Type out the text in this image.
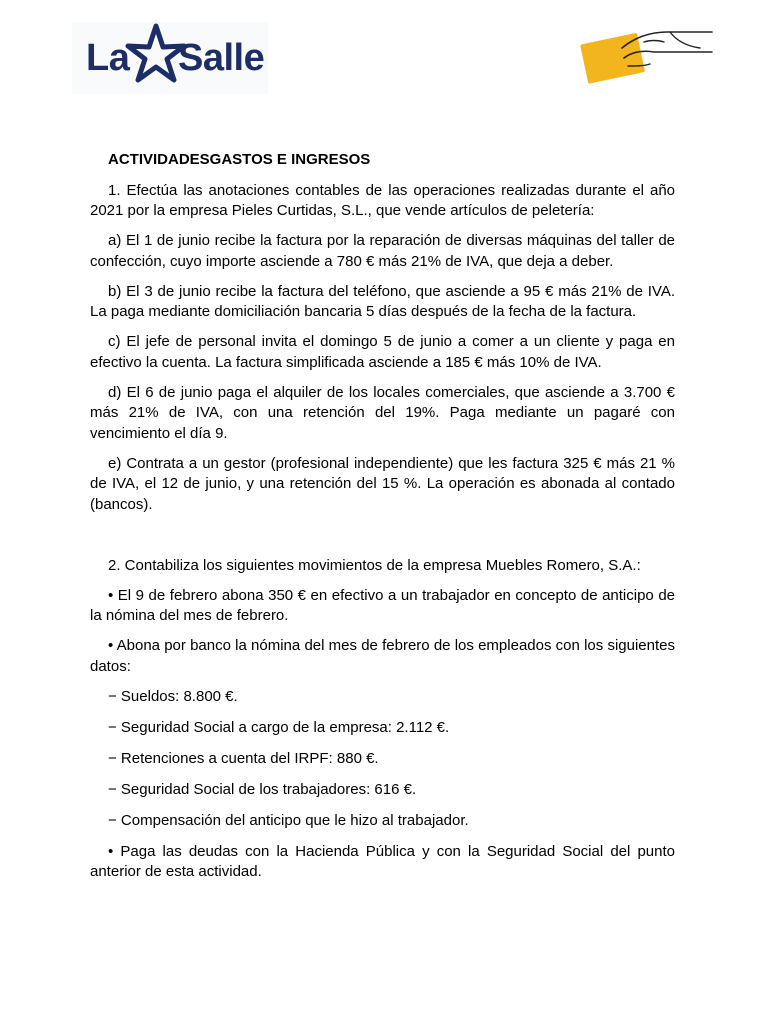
La Salle

ACTIVIDADESGASTOS E INGRESOS

1. Efectúa las anotaciones contables de las operaciones realizadas durante el año 2021 por la empresa Pieles Curtidas, S.L., que vende artículos de peletería:

a) El 1 de junio recibe la factura por la reparación de diversas máquinas del taller de confección, cuyo importe asciende a 780 € más 21% de IVA, que deja a deber.

b) El 3 de junio recibe la factura del teléfono, que asciende a 95 € más 21% de IVA. La paga mediante domiciliación bancaria 5 días después de la fecha de la factura.

c) El jefe de personal invita el domingo 5 de junio a comer a un cliente y paga en efectivo la cuenta. La factura simplificada asciende a 185 € más 10% de IVA.

d) El 6 de junio paga el alquiler de los locales comerciales, que asciende a 3.700 € más 21% de IVA, con una retención del 19%. Paga mediante un pagaré con vencimiento el día 9.

e) Contrata a un gestor (profesional independiente) que les factura 325 € más 21 % de IVA, el 12 de junio, y una retención del 15 %. La operación es abonada al contado (bancos).

2. Contabiliza los siguientes movimientos de la empresa Muebles Romero, S.A.:

• El 9 de febrero abona 350 € en efectivo a un trabajador en concepto de anticipo de la nómina del mes de febrero.

• Abona por banco la nómina del mes de febrero de los empleados con los siguientes datos:

− Sueldos: 8.800 €.

− Seguridad Social a cargo de la empresa: 2.112 €.

− Retenciones a cuenta del IRPF: 880 €.

− Seguridad Social de los trabajadores: 616 €.

− Compensación del anticipo que le hizo al trabajador.

• Paga las deudas con la Hacienda Pública y con la Seguridad Social del punto anterior de esta actividad.
